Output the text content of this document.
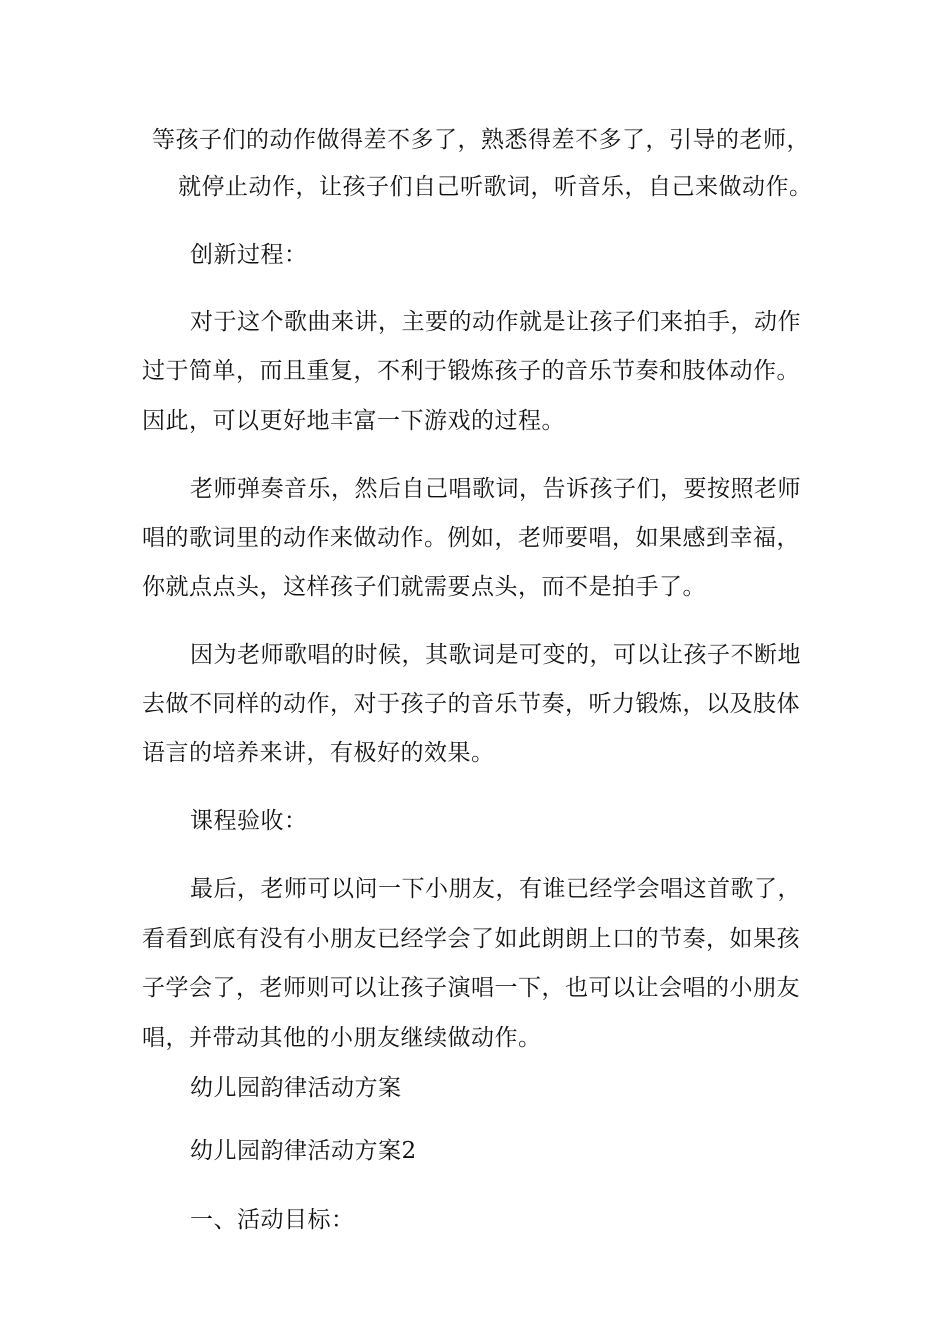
等孩子们的动作做得差不多了，熟悉得差不多了，引导的老师，
就停止动作，让孩子们自己听歌词，听音乐，自己来做动作。
创新过程：
对于这个歌曲来讲，主要的动作就是让孩子们来拍手，动作
过于简单，而且重复，不利于锻炼孩子的音乐节奏和肢体动作。
因此，可以更好地丰富一下游戏的过程。
老师弹奏音乐，然后自己唱歌词，告诉孩子们，要按照老师
唱的歌词里的动作来做动作。例如，老师要唱，如果感到幸福，
你就点点头，这样孩子们就需要点头，而不是拍手了。
因为老师歌唱的时候，其歌词是可变的，可以让孩子不断地
去做不同样的动作，对于孩子的音乐节奏，听力锻炼，以及肢体
语言的培养来讲，有极好的效果。
课程验收：
最后，老师可以问一下小朋友，有谁已经学会唱这首歌了，
看看到底有没有小朋友已经学会了如此朗朗上口的节奏，如果孩
子学会了，老师则可以让孩子演唱一下，也可以让会唱的小朋友
唱，并带动其他的小朋友继续做动作。
幼儿园韵律活动方案
幼儿园韵律活动方案2
一、活动目标：
